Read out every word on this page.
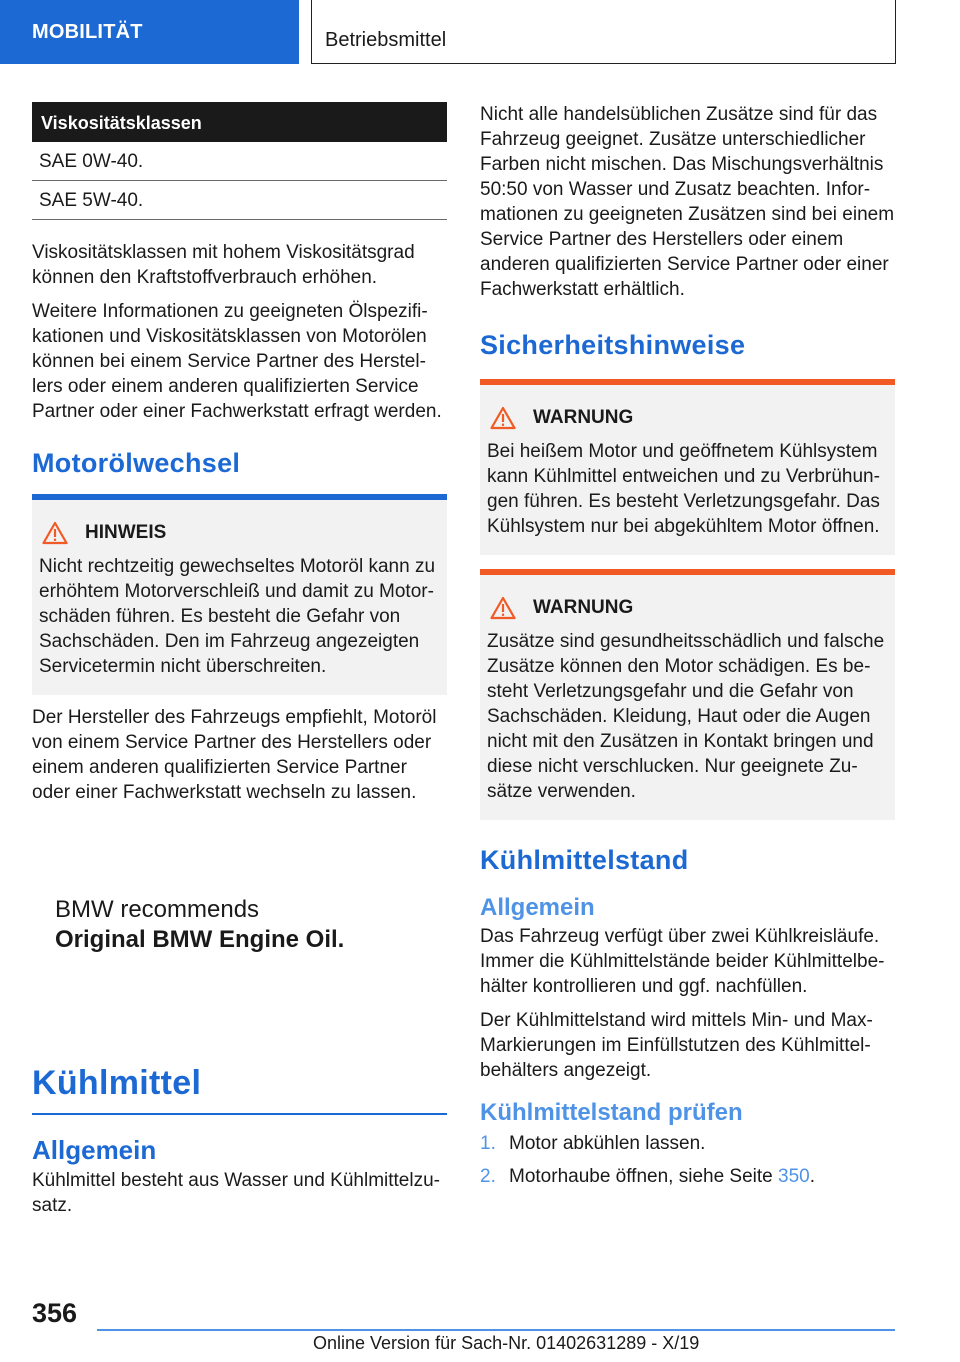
MOBILITÄT	Betriebsmittel
Viskositätsklassen
SAE 0W-40.
SAE 5W-40.

Viskositätsklassen mit hohem Viskositätsgrad können den Kraftstoffverbrauch erhöhen.

Weitere Informationen zu geeigneten Ölspezifikationen und Viskositätsklassen von Motorölen können bei einem Service Partner des Herstellers oder einem anderen qualifizierten Service Partner oder einer Fachwerkstatt erfragt werden.

Motorölwechsel
HINWEIS

Nicht rechtzeitig gewechseltes Motoröl kann zu erhöhtem Motorverschleiß und damit zu Motorschäden führen. Es besteht die Gefahr von Sachschäden. Den im Fahrzeug angezeigten Servicetermin nicht überschreiten.

Der Hersteller des Fahrzeugs empfiehlt, Motoröl von einem Service Partner des Herstellers oder einem anderen qualifizierten Service Partner oder einer Fachwerkstatt wechseln zu lassen.

BMW recommends
Original BMW Engine Oil.
Kühlmittel
Allgemein

Kühlmittel besteht aus Wasser und Kühlmittelzusatz.

Nicht alle handelsüblichen Zusätze sind für das Fahrzeug geeignet. Zusätze unterschiedlicher Farben nicht mischen. Das Mischungsverhältnis 50:50 von Wasser und Zusatz beachten. Informationen zu geeigneten Zusätzen sind bei einem Service Partner des Herstellers oder einem anderen qualifizierten Service Partner oder einer Fachwerkstatt erhältlich.

Sicherheitshinweise
WARNUNG

Bei heißem Motor und geöffnetem Kühlsystem kann Kühlmittel entweichen und zu Verbrühungen führen. Es besteht Verletzungsgefahr. Das Kühlsystem nur bei abgekühltem Motor öffnen.

WARNUNG

Zusätze sind gesundheitsschädlich und falsche Zusätze können den Motor schädigen. Es besteht Verletzungsgefahr und die Gefahr von Sachschäden. Kleidung, Haut oder die Augen nicht mit den Zusätzen in Kontakt bringen und diese nicht verschlucken. Nur geeignete Zusätze verwenden.

Kühlmittelstand
Allgemein

Das Fahrzeug verfügt über zwei Kühlkreisläufe. Immer die Kühlmittelstände beider Kühlmittelbehälter kontrollieren und ggf. nachfüllen.

Der Kühlmittelstand wird mittels Min- und Max-Markierungen im Einfüllstutzen des Kühlmittelbehälters angezeigt.

Kühlmittelstand prüfen
1. Motor abkühlen lassen.
2. Motorhaube öffnen, siehe Seite 350.
356
Online Version für Sach-Nr. 01402631289 - X/19
